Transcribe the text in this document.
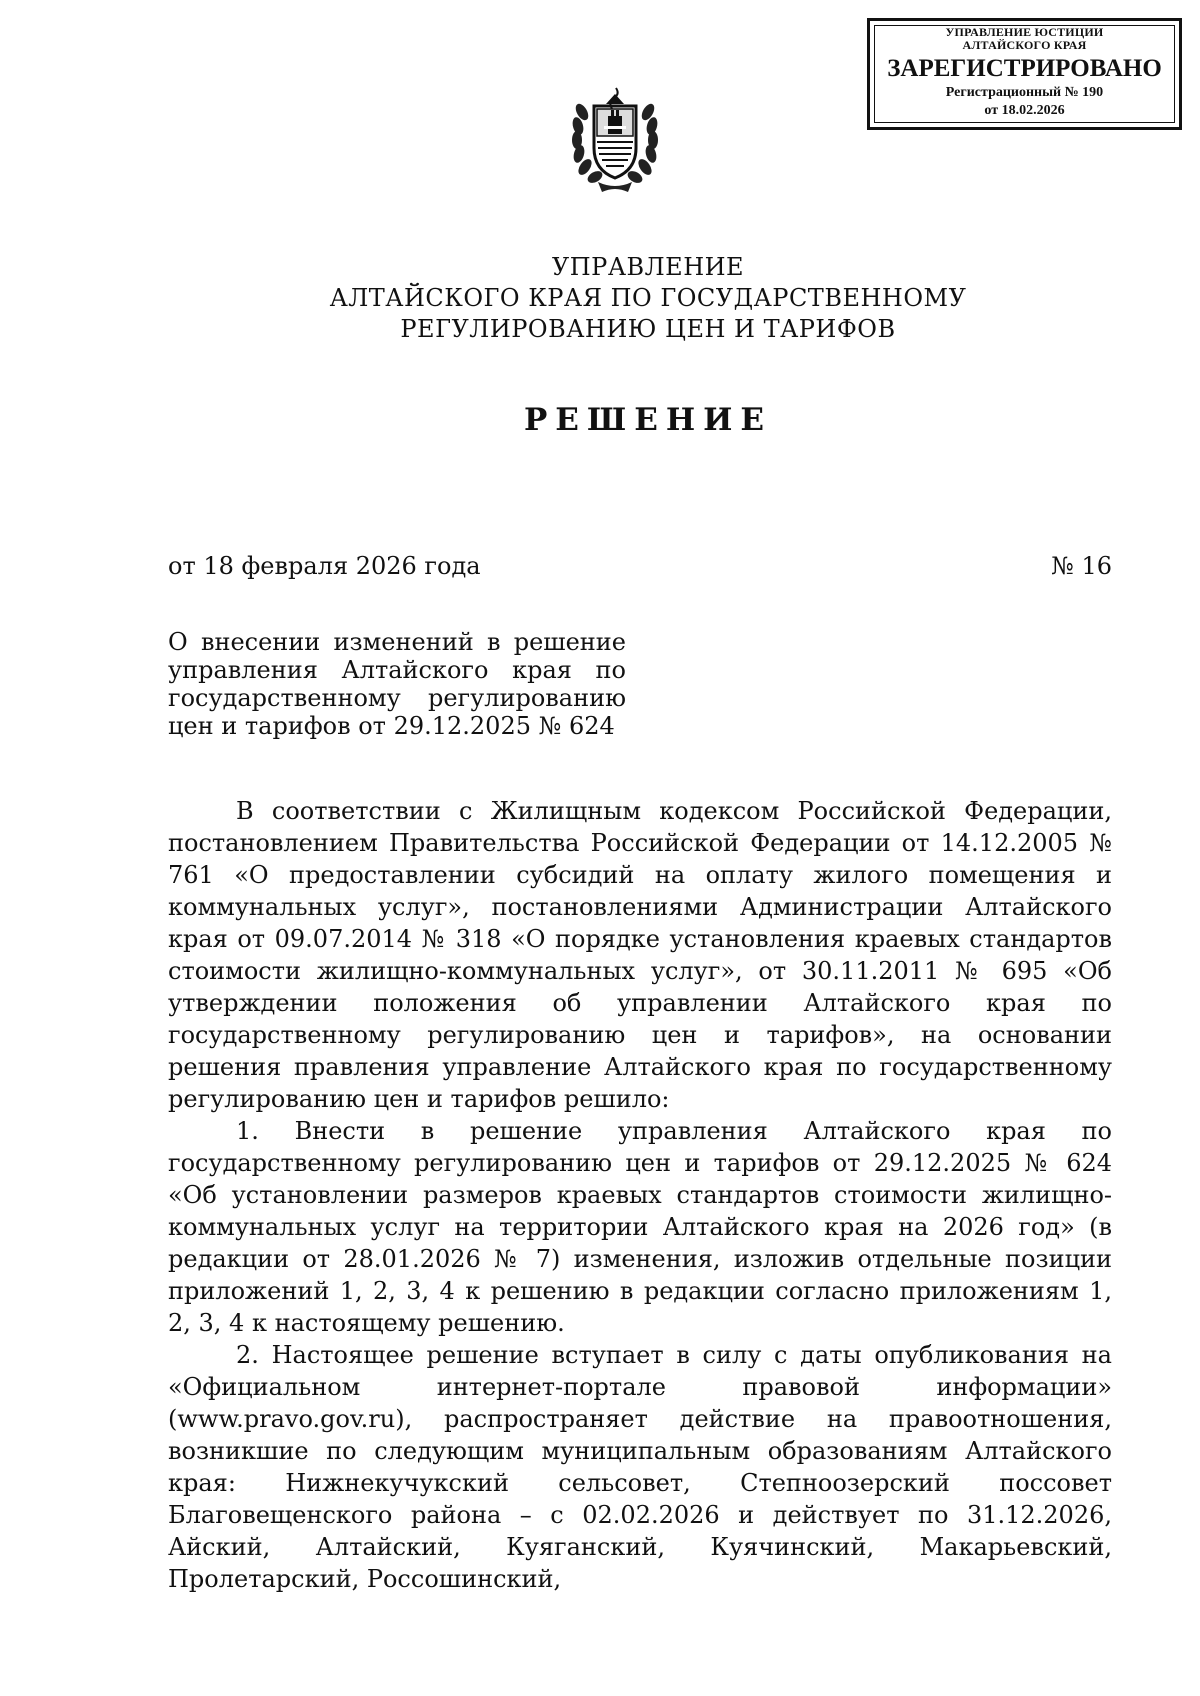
УПРАВЛЕНИЕ ЮСТИЦИИ
АЛТАЙСКОГО КРАЯ
ЗАРЕГИСТРИРОВАНО
Регистрационный № 190
от 18.02.2026
УПРАВЛЕНИЕ
АЛТАЙСКОГО КРАЯ ПО ГОСУДАРСТВЕННОМУ
РЕГУЛИРОВАНИЮ ЦЕН И ТАРИФОВ
РЕШЕНИЕ
от 18 февраля 2026 года	№ 16
О внесении изменений в решение управления Алтайского края по государственному регулированию цен и тарифов от 29.12.2025 № 624

В соответствии с Жилищным кодексом Российской Федерации, постановлением Правительства Российской Федерации от 14.12.2005 № 761 «О предоставлении субсидий на оплату жилого помещения и коммунальных услуг», постановлениями Администрации Алтайского края от 09.07.2014 № 318 «О порядке установления краевых стандартов стоимости жилищно-коммунальных услуг», от 30.11.2011 № 695 «Об утверждении положения об управлении Алтайского края по государственному регулированию цен и тарифов», на основании решения правления управление Алтайского края по государственному регулированию цен и тарифов решило:

1. Внести в решение управления Алтайского края по государственному регулированию цен и тарифов от 29.12.2025 № 624 «Об установлении размеров краевых стандартов стоимости жилищно-коммунальных услуг на территории Алтайского края на 2026 год» (в редакции от 28.01.2026 № 7) изменения, изложив отдельные позиции приложений 1, 2, 3, 4 к решению в редакции согласно приложениям 1, 2, 3, 4 к настоящему решению.

2. Настоящее решение вступает в силу с даты опубликования на «Официальном интернет-портале правовой информации» (www.pravo.gov.ru), распространяет действие на правоотношения, возникшие по следующим муниципальным образованиям Алтайского края: Нижнекучукский сельсовет, Степноозерский поссовет Благовещенского района – с 02.02.2026 и действует по 31.12.2026, Айский, Алтайский, Куяганский, Куячинский, Макарьевский, Пролетарский, Россошинский,
